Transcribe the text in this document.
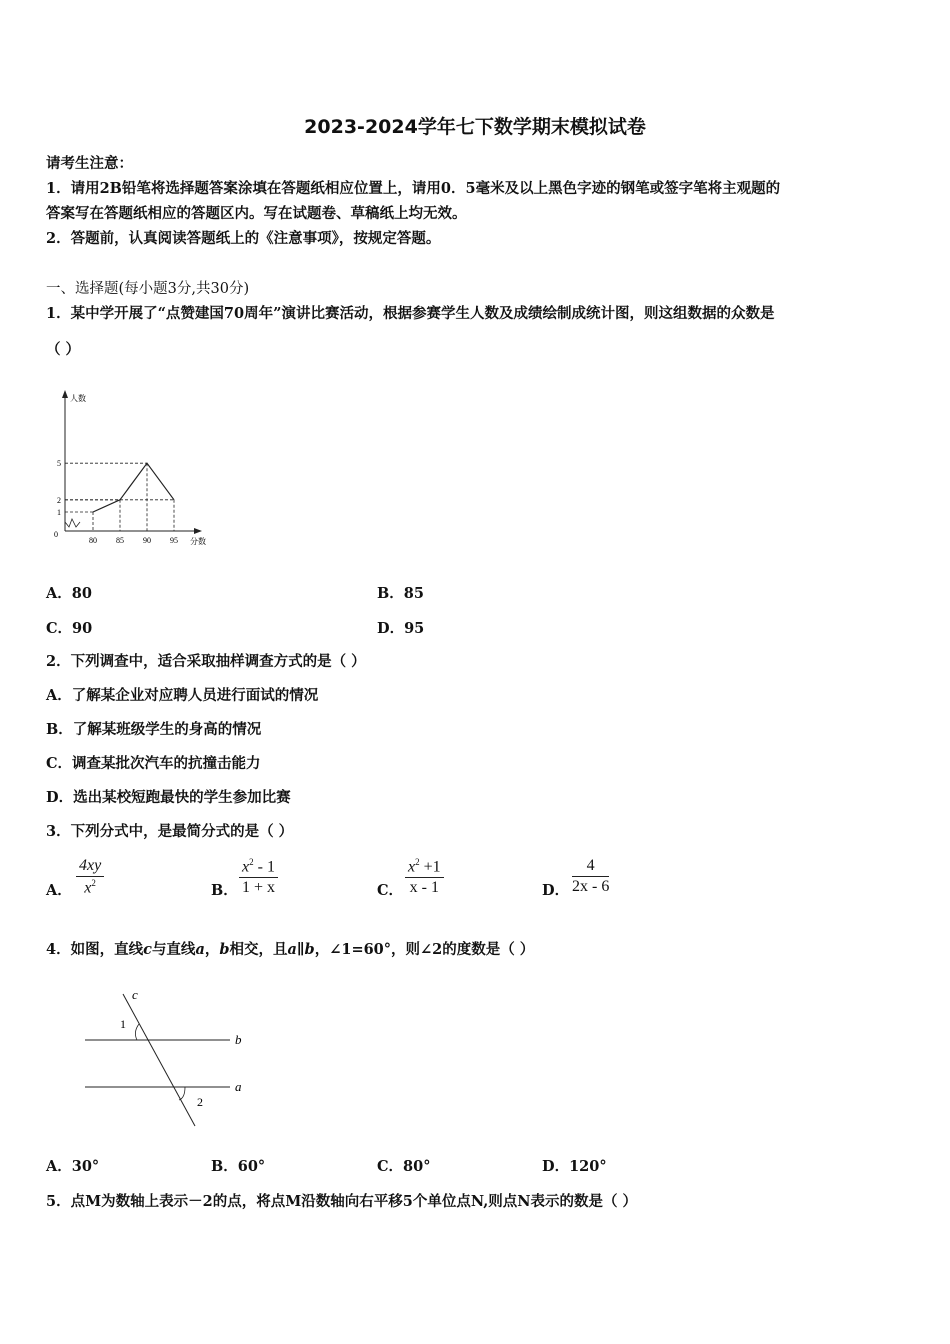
2023-2024学年七下数学期末模拟试卷
请考生注意：
1．请用2B铅笔将选择题答案涂填在答题纸相应位置上，请用0．5毫米及以上黑色字迹的钢笔或签字笔将主观题的
答案写在答题纸相应的答题区内。写在试题卷、草稿纸上均无效。
2．答题前，认真阅读答题纸上的《注意事项》，按规定答题。
一、选择题(每小题3分,共30分)
1．某中学开展了“点赞建国70周年”演讲比赛活动，根据参赛学生人数及成绩绘制成统计图，则这组数据的众数是
（ ）
80 85 90 95
1
2
5
0
人数
分数
A．80	B．85
C．90	D．95
2．下列调查中，适合采取抽样调查方式的是（ ）
A．了解某企业对应聘人员进行面试的情况
B．了解某班级学生的身高的情况
C．调查某批次汽车的抗撞击能力
D．选出某校短跑最快的学生参加比赛
3．下列分式中，是最简分式的是（ ）
A． $\frac{4xy}{x^2}$	B． $\frac{x^2 - 1}{1 + x}$	C． $\frac{x^2 +1}{x - 1}$	D． $\frac{4}{2x - 6}$
4．如图，直线c与直线a，b相交，且a∥b，∠1=60°，则∠2的度数是（ ）
c
b
a
1
2
A．30°	B．60°	C．80°	D．120°
5．点M为数轴上表示－2的点，将点M沿数轴向右平移5个单位点N,则点N表示的数是（ ）
